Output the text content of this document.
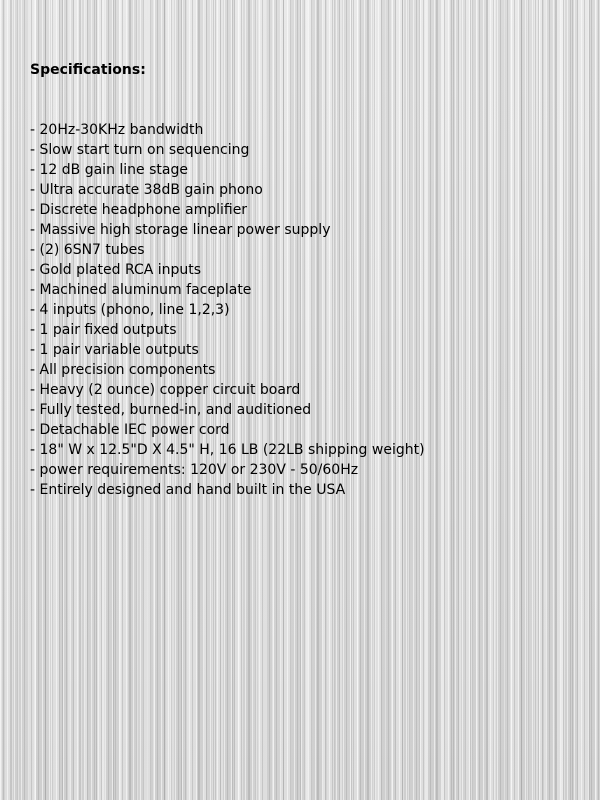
Specifications:
- 20Hz-30KHz bandwidth
- Slow start turn on sequencing
- 12 dB gain line stage
- Ultra accurate 38dB gain phono
- Discrete headphone amplifier
- Massive high storage linear power supply
- (2) 6SN7 tubes
- Gold plated RCA inputs
- Machined aluminum faceplate
- 4 inputs (phono, line 1,2,3)
- 1 pair fixed outputs
- 1 pair variable outputs
- All precision components
- Heavy (2 ounce) copper circuit board
- Fully tested, burned-in, and auditioned
- Detachable IEC power cord
- 18" W x 12.5"D X 4.5" H, 16 LB (22LB shipping weight)
- power requirements: 120V or 230V - 50/60Hz
- Entirely designed and hand built in the USA
